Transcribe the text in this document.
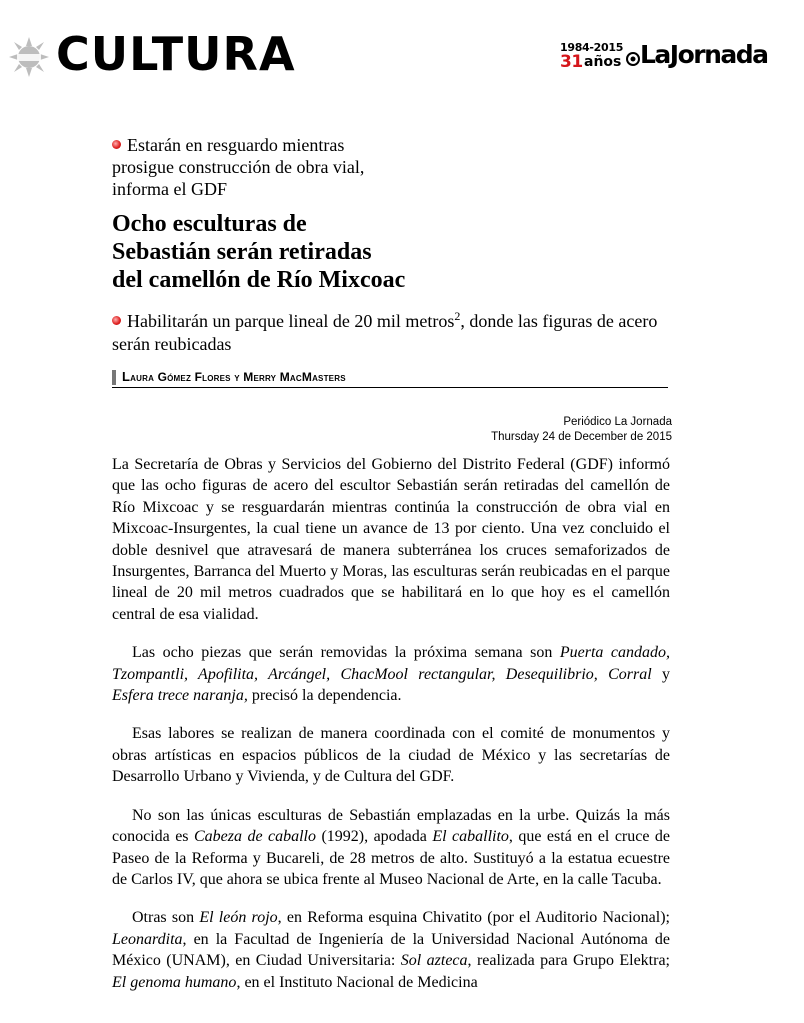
CULTURA	1984-2015
31 años LaJornada
Estarán en resguardo mientras prosigue construcción de obra vial, informa el GDF
Ocho esculturas de
Sebastián serán retiradas
del camellón de Río Mixcoac
Habilitarán un parque lineal de 20 mil metros$^2$, donde las figuras de acero serán reubicadas
Laura Gómez Flores y Merry MacMasters
Periódico La Jornada
Thursday 24 de December de 2015

La Secretaría de Obras y Servicios del Gobierno del Distrito Federal (GDF) informó que las ocho figuras de acero del escultor Sebastián serán retiradas del camellón de Río Mixcoac y se resguardarán mientras continúa la construcción de obra vial en Mixcoac-Insurgentes, la cual tiene un avance de 13 por ciento. Una vez concluido el doble desnivel que atravesará de manera subterránea los cruces semaforizados de Insurgentes, Barranca del Muerto y Moras, las esculturas serán reubicadas en el parque lineal de 20 mil metros cuadrados que se habilitará en lo que hoy es el camellón central de esa vialidad.

Las ocho piezas que serán removidas la próxima semana son Puerta candado, Tzompantli, Apofilita, Arcángel, ChacMool rectangular, Desequilibrio, Corral y Esfera trece naranja, precisó la dependencia.

Esas labores se realizan de manera coordinada con el comité de monumentos y obras artísticas en espacios públicos de la ciudad de México y las secretarías de Desarrollo Urbano y Vivienda, y de Cultura del GDF.

No son las únicas esculturas de Sebastián emplazadas en la urbe. Quizás la más conocida es Cabeza de caballo (1992), apodada El caballito, que está en el cruce de Paseo de la Reforma y Bucareli, de 28 metros de alto. Sustituyó a la estatua ecuestre de Carlos IV, que ahora se ubica frente al Museo Nacional de Arte, en la calle Tacuba.

Otras son El león rojo, en Reforma esquina Chivatito (por el Auditorio Nacional); Leonardita, en la Facultad de Ingeniería de la Universidad Nacional Autónoma de México (UNAM), en Ciudad Universitaria: Sol azteca, realizada para Grupo Elektra; El genoma humano, en el Instituto Nacional de Medicina
